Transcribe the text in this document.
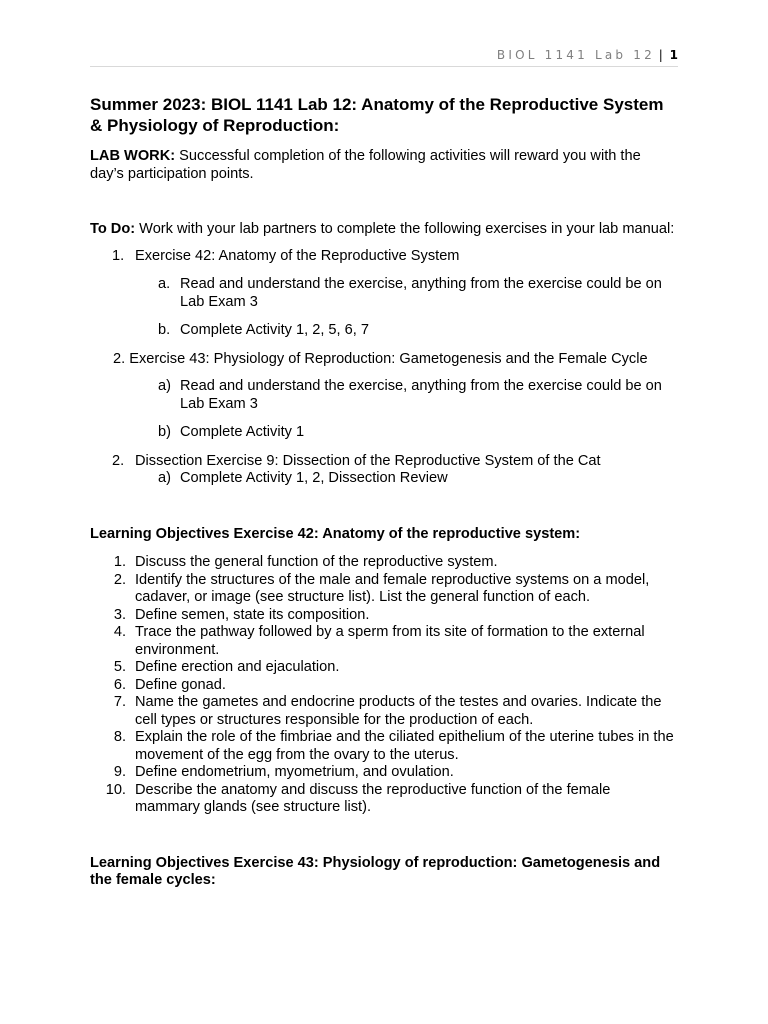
BIOL 1141 Lab 12 | 1
Summer 2023: BIOL 1141 Lab 12: Anatomy of the Reproductive System & Physiology of Reproduction:

LAB WORK: Successful completion of the following activities will reward you with the day’s participation points.

To Do: Work with your lab partners to complete the following exercises in your lab manual:

1. Exercise 42: Anatomy of the Reproductive System
a. Read and understand the exercise, anything from the exercise could be on Lab Exam 3
b. Complete Activity 1, 2, 5, 6, 7
2. Exercise 43: Physiology of Reproduction: Gametogenesis and the Female Cycle
a) Read and understand the exercise, anything from the exercise could be on Lab Exam 3
b) Complete Activity 1
2. Dissection Exercise 9: Dissection of the Reproductive System of the Cat
a) Complete Activity 1, 2, Dissection Review

Learning Objectives Exercise 42: Anatomy of the reproductive system:

1. Discuss the general function of the reproductive system.
2. Identify the structures of the male and female reproductive systems on a model, cadaver, or image (see structure list). List the general function of each.
3. Define semen, state its composition.
4. Trace the pathway followed by a sperm from its site of formation to the external environment.
5. Define erection and ejaculation.
6. Define gonad.
7. Name the gametes and endocrine products of the testes and ovaries. Indicate the cell types or structures responsible for the production of each.
8. Explain the role of the fimbriae and the ciliated epithelium of the uterine tubes in the movement of the egg from the ovary to the uterus.
9. Define endometrium, myometrium, and ovulation.
10. Describe the anatomy and discuss the reproductive function of the female mammary glands (see structure list).

Learning Objectives Exercise 43: Physiology of reproduction: Gametogenesis and the female cycles:
